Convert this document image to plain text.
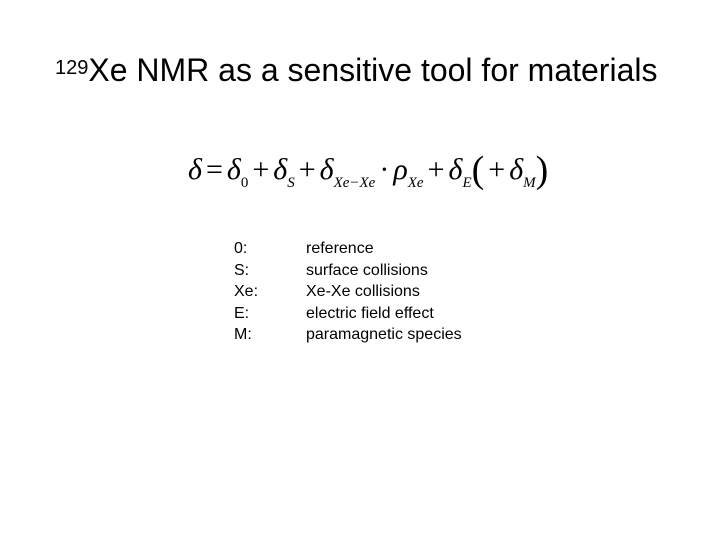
$^{129}$Xe NMR as a sensitive tool for materials
$\delta = \delta_0 + \delta_S + \delta_{Xe-Xe} \cdot \rho_{Xe} + \delta_E( + \delta_M)$
0:	reference
S:	surface collisions
Xe:	Xe-Xe collisions
E:	electric field effect
M:	paramagnetic species
